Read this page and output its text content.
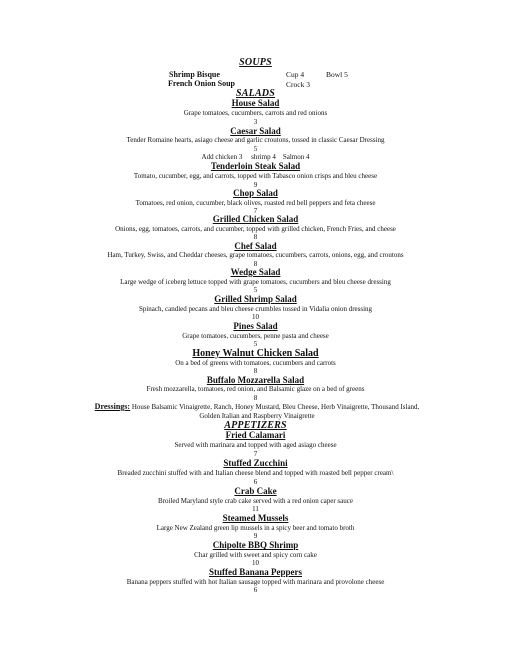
SOUPS
Shrimp Bisque	Cup 4	Bowl 5
French Onion Soup	Crock 3
SALADS
House Salad
Grape tomatoes, cucumbers, carrots and red onions
3
Caesar Salad
Tender Romaine hearts, asiago cheese and garlic croutons, tossed in classic Caesar Dressing
5
Add chicken 3     shrimp 4    Salmon 4
Tenderloin Steak Salad
Tomato, cucumber, egg, and carrots, topped with Tabasco onion crisps and bleu cheese
9
Chop Salad
Tomatoes, red onion, cucumber, black olives, roasted red bell peppers and feta cheese
7
Grilled Chicken Salad
Onions, egg, tomatoes, carrots, and cucumber, topped with grilled chicken, French Fries, and cheese
8
Chef Salad
Ham, Turkey, Swiss, and Cheddar cheeses, grape tomatoes, cucumbers, carrots, onions, egg, and croutons
8
Wedge Salad
Large wedge of iceberg lettuce topped with grape tomatoes, cucumbers and bleu cheese dressing
5
Grilled Shrimp Salad
Spinach, candied pecans and bleu cheese crumbles tossed in Vidalia onion dressing
10
Pines Salad
Grape tomatoes, cucumbers, penne pasta and cheese
5
Honey Walnut Chicken Salad
On a bed of greens with tomatoes, cucumbers and carrots
8
Buffalo Mozzarella Salad
Fresh mozzarella, tomatoes, red onion, and Balsamic glaze on a bed of greens
8
Dressings: House Balsamic Vinaigrette, Ranch, Honey Mustard, Bleu Cheese, Herb Vinaigrette, Thousand Island,
Golden Italian and Raspberry Vinaigrette
APPETIZERS
Fried Calamari
Served with marinara and topped with aged asiago cheese
7
Stuffed Zucchini
Breaded zucchini stuffed with and Italian cheese blend and topped with roasted bell pepper cream\
6
Crab Cake
Broiled Maryland style crab cake served with a red onion caper sauce
11
Steamed Mussels
Large New Zealand green lip mussels in a spicy beer and tomato broth
9
Chipolte BBQ Shrimp
Char grilled with sweet and spicy corn cake
10
Stuffed Banana Peppers
Banana peppers stuffed with hot Italian sausage topped with marinara and provolone cheese
6
